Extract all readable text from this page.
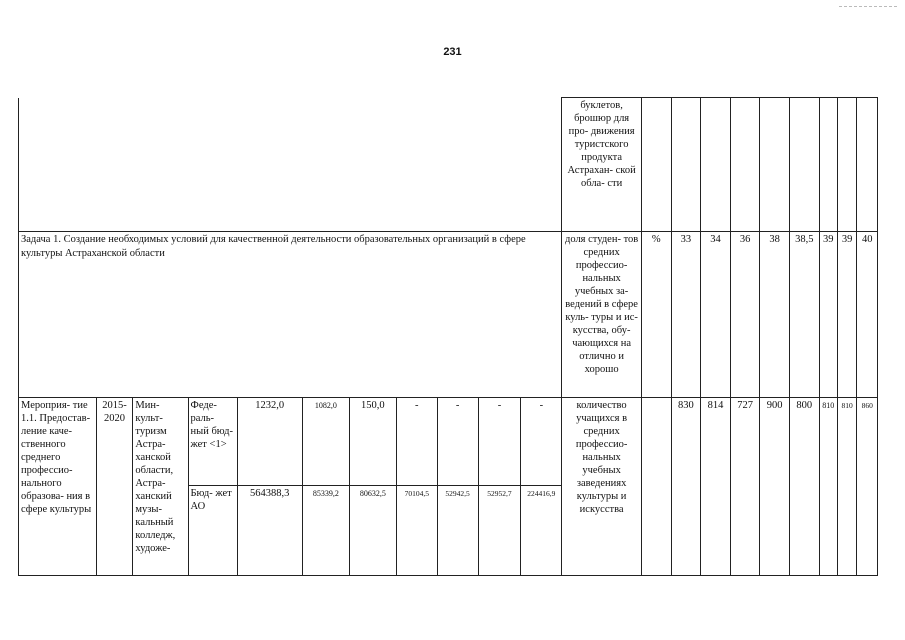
231
											буклетов, брошюр для про- движения туристского продукта Астрахан- ской обла- сти									
Задача 1. Создание необходимых условий для качественной деятельности образовательных организаций в сфере культуры Астраханской области											доля студен- тов средних профессио- нальных учебных за- ведений в сфере куль- туры и ис- кусства, обу- чающихся на отлично и хорошо	%	33	34	36	38	38,5	39	39	40
Мероприя- тие 1.1. Предостав- ление каче- ственного среднего профессио- нального образова- ния в сфере культуры	2015- 2020	Мин- культ- туризм Астра- ханской области, Астра- ханский музы- кальный колледж, художе-	Феде- раль- ный бюд- жет <1>	1232,0	1082,0	150,0	-	-	-	-	количество учащихся в средних профессио- нальных учебных заведениях культуры и искусства		830	814	727	900	800	810	810	860
			Бюд- жет АО	564388,3	85339,2	80632,5	70104,5	52942,5	52952,7	224416,9										
